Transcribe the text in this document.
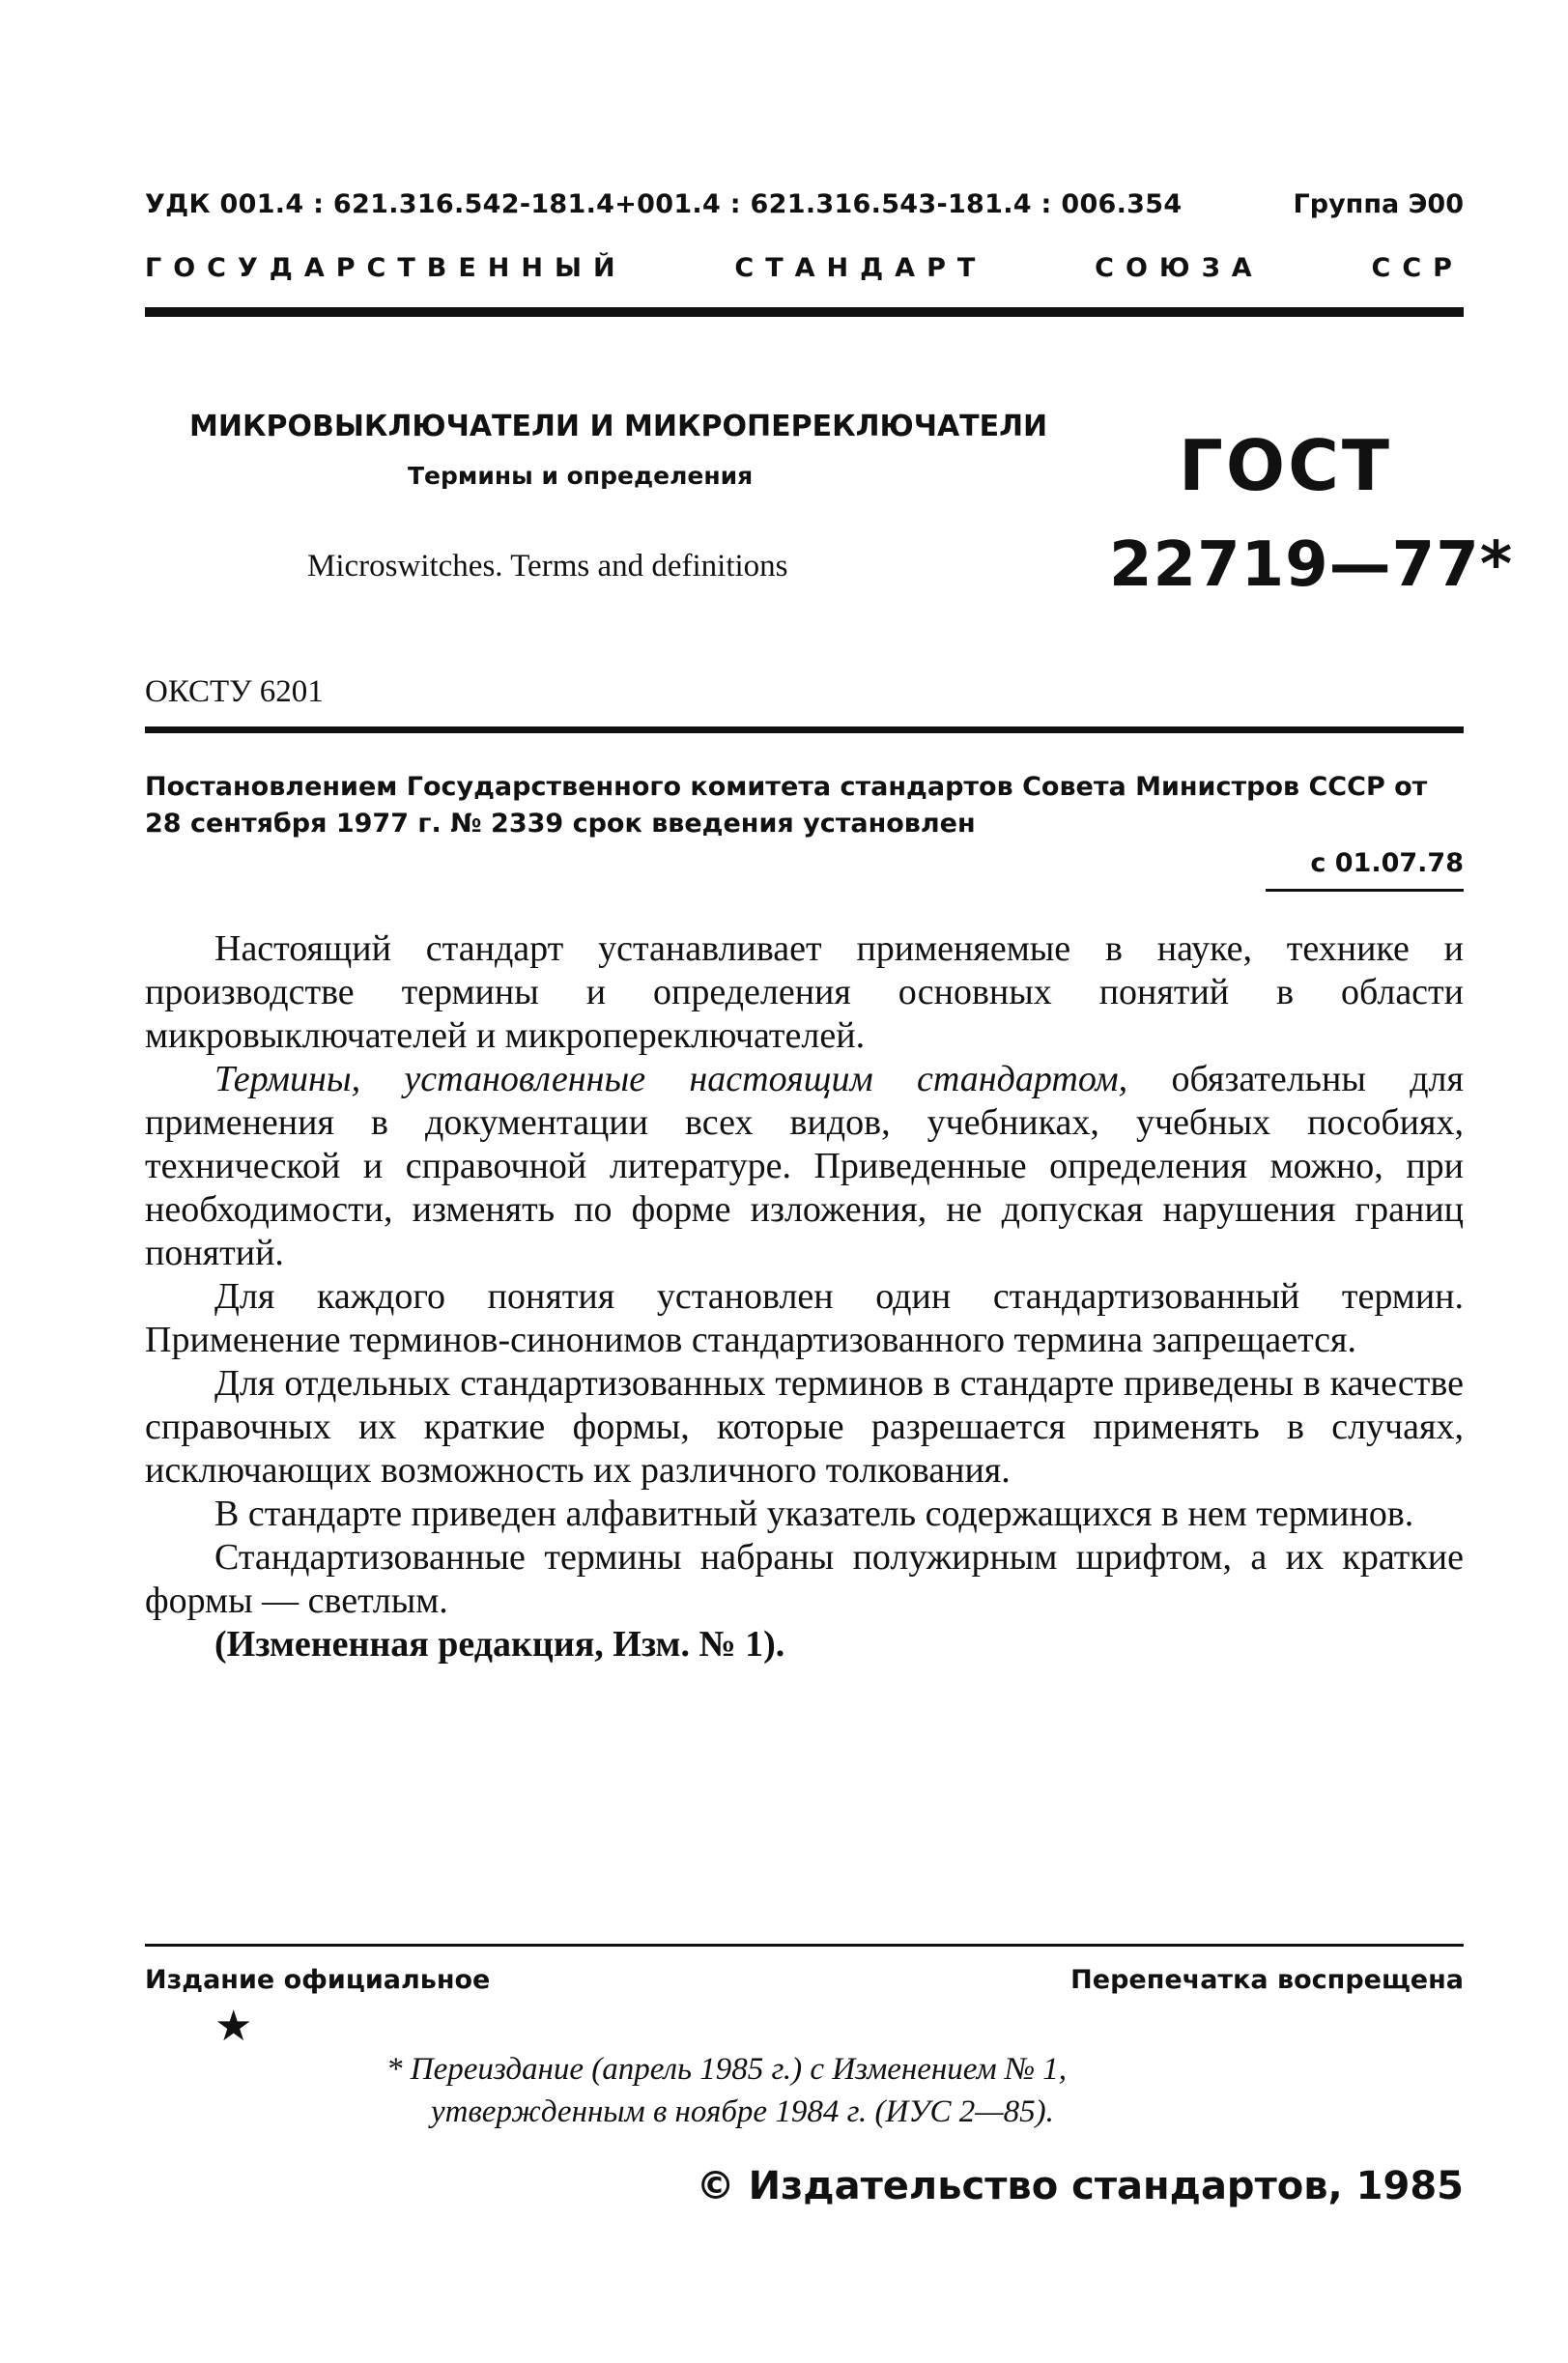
УДК 001.4 : 621.316.542-181.4+001.4 : 621.316.543-181.4 : 006.354	Группа Э00
ГОСУДАРСТВЕННЫЙ	СТАНДАРТ	СОЮЗА	ССР
МИКРОВЫКЛЮЧАТЕЛИ И МИКРОПЕРЕКЛЮЧАТЕЛИ
Термины и определения
Microswitches. Terms and definitions
ГОСТ
22719—77*
ОКСТУ 6201
Постановлением Государственного комитета стандартов Совета Министров СССР от 28 сентября 1977 г. № 2339 срок введения установлен
с 01.07.78

Настоящий стандарт устанавливает применяемые в науке, технике и производстве термины и определения основных понятий в области микровыключателей и микропереключателей.

Термины, установленные настоящим стандартом, обязательны для применения в документации всех видов, учебниках, учебных пособиях, технической и справочной литературе. Приведенные определения можно, при необходимости, изменять по форме изложения, не допуская нарушения границ понятий.

Для каждого понятия установлен один стандартизованный термин. Применение терминов-синонимов стандартизованного термина запрещается.

Для отдельных стандартизованных терминов в стандарте приведены в качестве справочных их краткие формы, которые разрешается применять в случаях, исключающих возможность их различного толкования.

В стандарте приведен алфавитный указатель содержащихся в нем терминов.

Стандартизованные термины набраны полужирным шрифтом, а их краткие формы — светлым.

(Измененная редакция, Изм. № 1).

Издание официальное	Перепечатка воспрещена
★
* Переиздание (апрель 1985 г.) с Изменением № 1,
утвержденным в ноябре 1984 г. (ИУС 2—85).
© Издательство стандартов, 1985
